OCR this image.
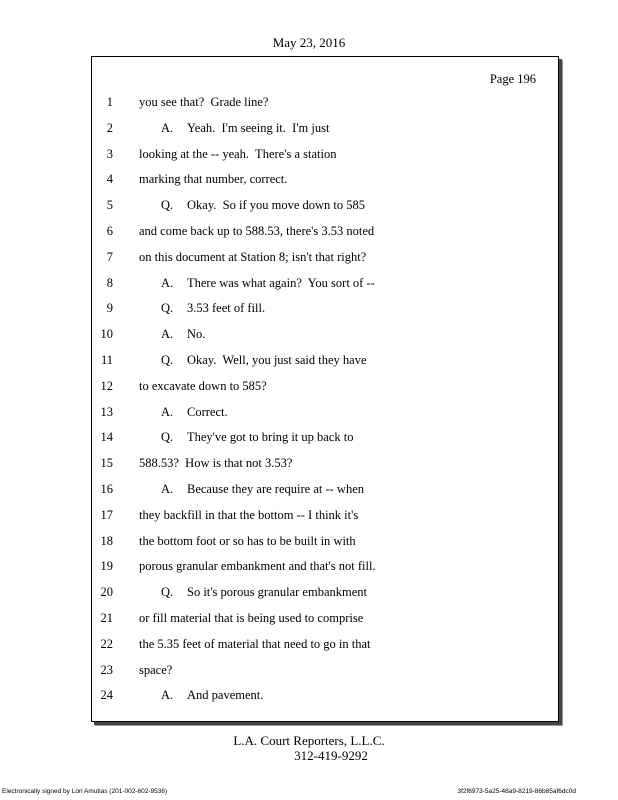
May 23, 2016
Page 196
1
2
3
4
5
6
7
8
9
10
11
12
13
14
15
16
17
18
19
20
21
22
23
24
you see that?  Grade line?
A. Yeah.  I'm seeing it.  I'm just
looking at the -- yeah.  There's a station
marking that number, correct.
Q. Okay.  So if you move down to 585
and come back up to 588.53, there's 3.53 noted
on this document at Station 8; isn't that right?
A. There was what again?  You sort of --
Q. 3.53 feet of fill.
A. No.
Q. Okay.  Well, you just said they have
to excavate down to 585?
A. Correct.
Q. They've got to bring it up back to
588.53?  How is that not 3.53?
A. Because they are require at -- when
they backfill in that the bottom -- I think it's
the bottom foot or so has to be built in with
porous granular embankment and that's not fill.
Q. So it's porous granular embankment
or fill material that is being used to comprise
the 5.35 feet of material that need to go in that
space?
A. And pavement.
L.A. Court Reporters, L.L.C.
312-419-9292
Electronically signed by Lori Amutias (201-002-602-9536)	3f2f6973-5a25-48a9-8219-86b85af6dc0d
